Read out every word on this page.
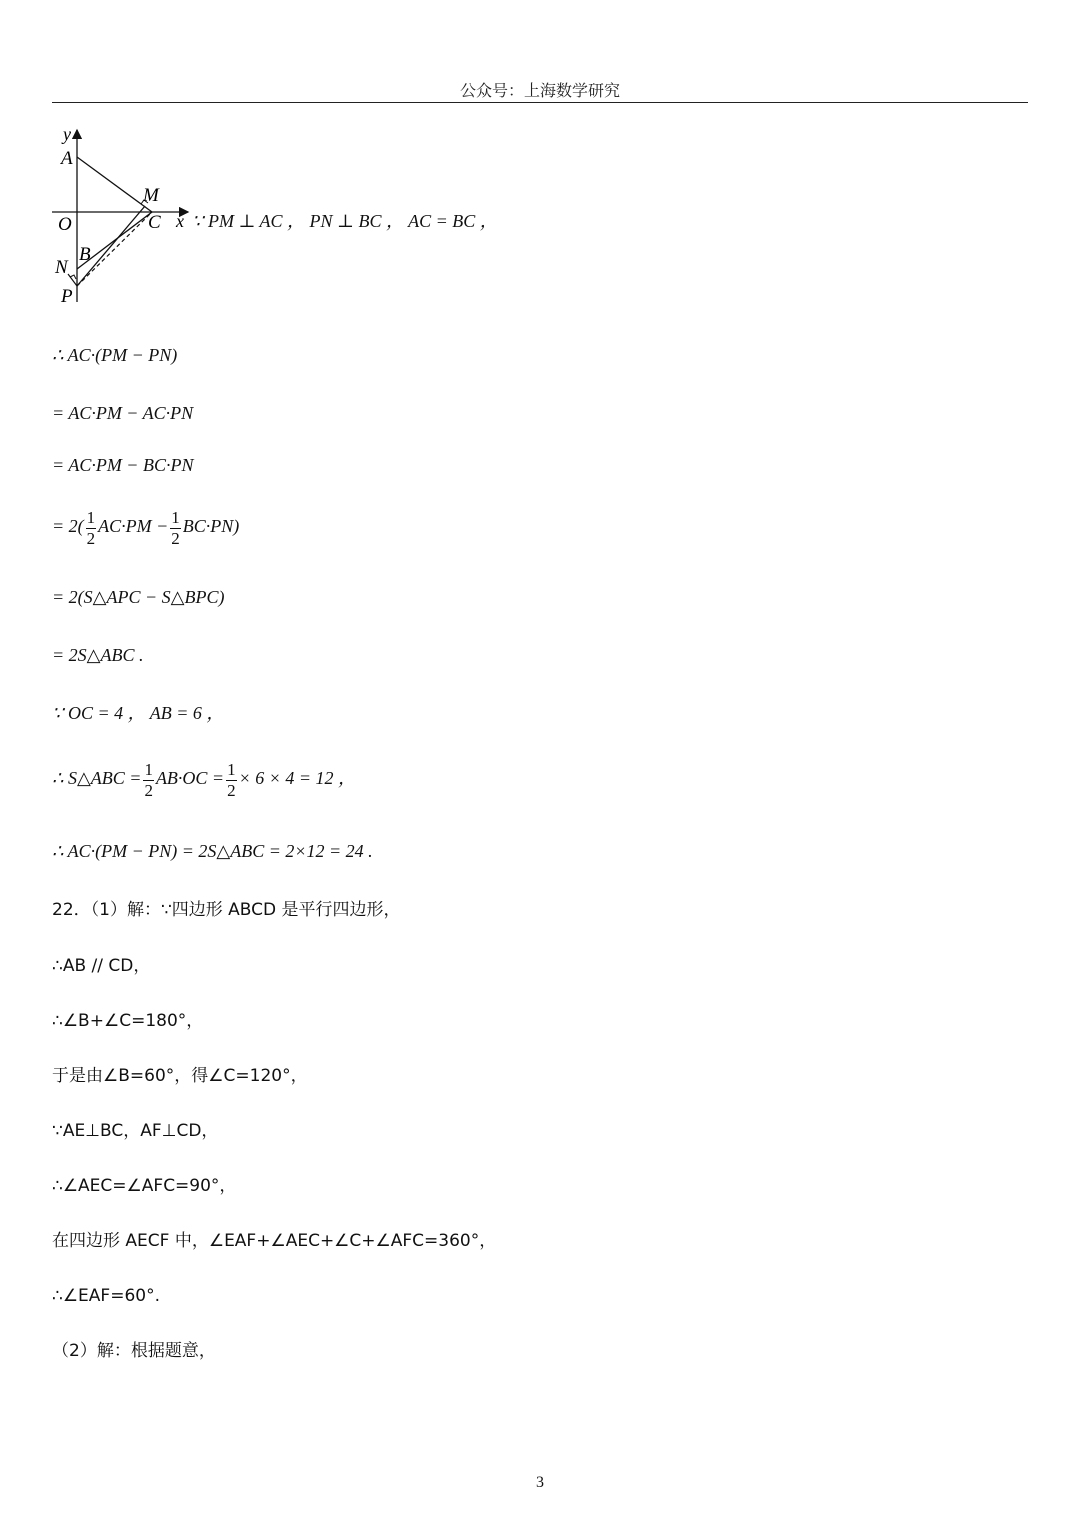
公众号：上海数学研究
y
A
M
O	C x
B
N
P
∵ PM ⊥ AC ， PN ⊥ BC ， AC = BC ，
∴ AC·(PM − PN)
= AC·PM − AC·PN
= AC·PM − BC·PN
= $2( \frac{1}{2} AC\cdot PM - \frac{1}{2} BC\cdot PN)$
= 2(S△APC − S△BPC)
= 2S△ABC .
∵ OC = 4 ， AB = 6 ，
∴ S△ABC = $\frac{1}{2} AB\cdot OC = \frac{1}{2} \times 6 \times 4 = 12$ ，
∴ AC·(PM − PN) = 2S△ABC = 2×12 = 24 .
22．（1）解：∵四边形 ABCD 是平行四边形，
∴AB // CD，
∴∠B+∠C=180°，
于是由∠B=60°，得∠C=120°，
∵AE⊥BC，AF⊥CD，
∴∠AEC=∠AFC=90°，
在四边形 AECF 中，∠EAF+∠AEC+∠C+∠AFC=360°，
∴∠EAF=60°.
（2）解：根据题意，
3
